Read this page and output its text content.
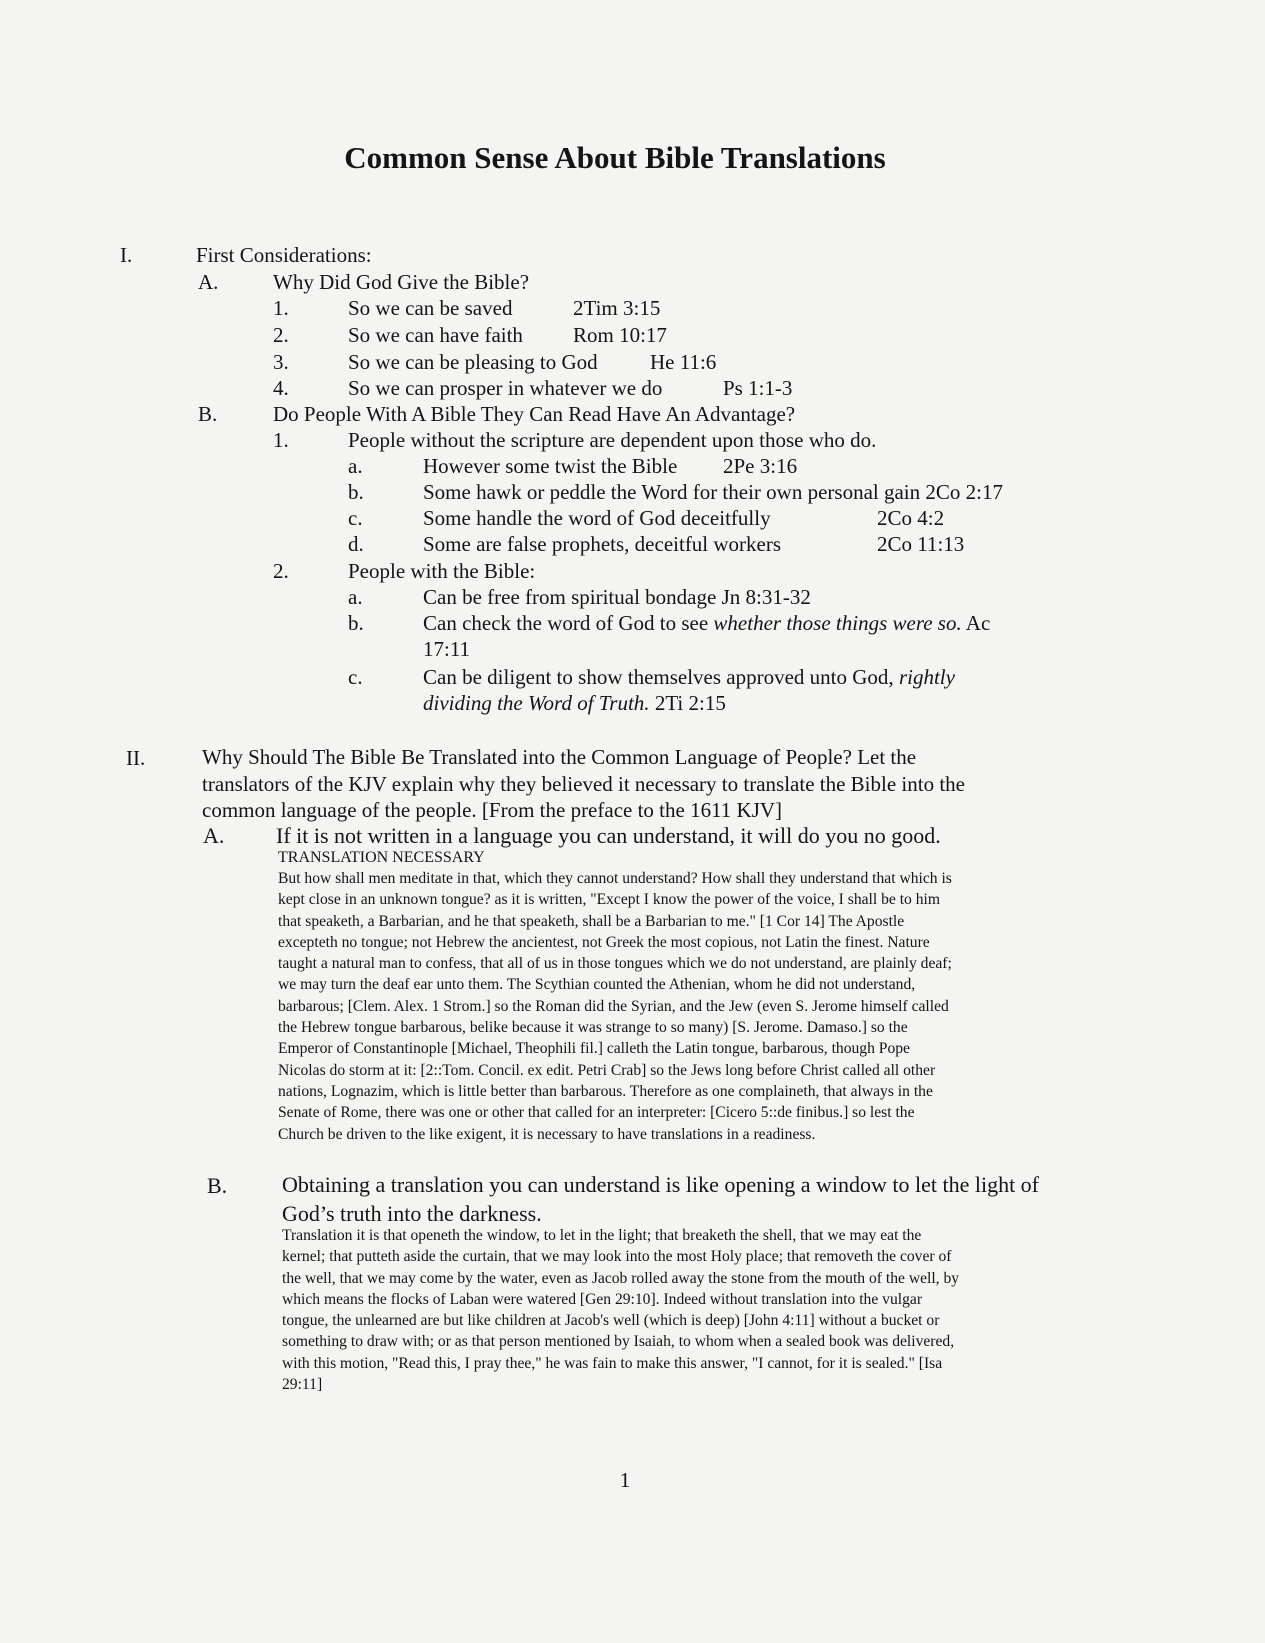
Common Sense About Bible Translations
I.	First Considerations:
A.	Why Did God Give the Bible?
1.	So we can be saved	2Tim 3:15
2.	So we can have faith Rom 10:17
3.	So we can be pleasing to God He 11:6
4.	So we can prosper in whatever we do	Ps 1:1-3
B.	Do People With A Bible They Can Read Have An Advantage?
1.	People without the scripture are dependent upon those who do.
a.	However some twist the Bible 2Pe 3:16
b.	Some hawk or peddle the Word for their own personal gain 2Co 2:17
c.	Some handle the word of God deceitfully	2Co 4:2
d.	Some are false prophets, deceitful workers	2Co 11:13
2.	People with the Bible:
a.	Can be free from spiritual bondage Jn 8:31-32
b.	Can check the word of God to see whether those things were so. Ac
17:11
c.	Can be diligent to show themselves approved unto God, rightly
dividing the Word of Truth. 2Ti 2:15
II.	Why Should The Bible Be Translated into the Common Language of People? Let the
translators of the KJV explain why they believed it necessary to translate the Bible into the
common language of the people. [From the preface to the 1611 KJV]
A. If it is not written in a language you can understand, it will do you no good.
TRANSLATION NECESSARY
But how shall men meditate in that, which they cannot understand? How shall they understand that which is
kept close in an unknown tongue? as it is written, "Except I know the power of the voice, I shall be to him
that speaketh, a Barbarian, and he that speaketh, shall be a Barbarian to me." [1 Cor 14] The Apostle
excepteth no tongue; not Hebrew the ancientest, not Greek the most copious, not Latin the finest. Nature
taught a natural man to confess, that all of us in those tongues which we do not understand, are plainly deaf;
we may turn the deaf ear unto them. The Scythian counted the Athenian, whom he did not understand,
barbarous; [Clem. Alex. 1 Strom.] so the Roman did the Syrian, and the Jew (even S. Jerome himself called
the Hebrew tongue barbarous, belike because it was strange to so many) [S. Jerome. Damaso.] so the
Emperor of Constantinople [Michael, Theophili fil.] calleth the Latin tongue, barbarous, though Pope
Nicolas do storm at it: [2::Tom. Concil. ex edit. Petri Crab] so the Jews long before Christ called all other
nations, Lognazim, which is little better than barbarous. Therefore as one complaineth, that always in the
Senate of Rome, there was one or other that called for an interpreter: [Cicero 5::de finibus.] so lest the
Church be driven to the like exigent, it is necessary to have translations in a readiness.
B. Obtaining a translation you can understand is like opening a window to let the light of
God’s truth into the darkness.
Translation it is that openeth the window, to let in the light; that breaketh the shell, that we may eat the
kernel; that putteth aside the curtain, that we may look into the most Holy place; that removeth the cover of
the well, that we may come by the water, even as Jacob rolled away the stone from the mouth of the well, by
which means the flocks of Laban were watered [Gen 29:10]. Indeed without translation into the vulgar
tongue, the unlearned are but like children at Jacob's well (which is deep) [John 4:11] without a bucket or
something to draw with; or as that person mentioned by Isaiah, to whom when a sealed book was delivered,
with this motion, "Read this, I pray thee," he was fain to make this answer, "I cannot, for it is sealed." [Isa
29:11]
1
